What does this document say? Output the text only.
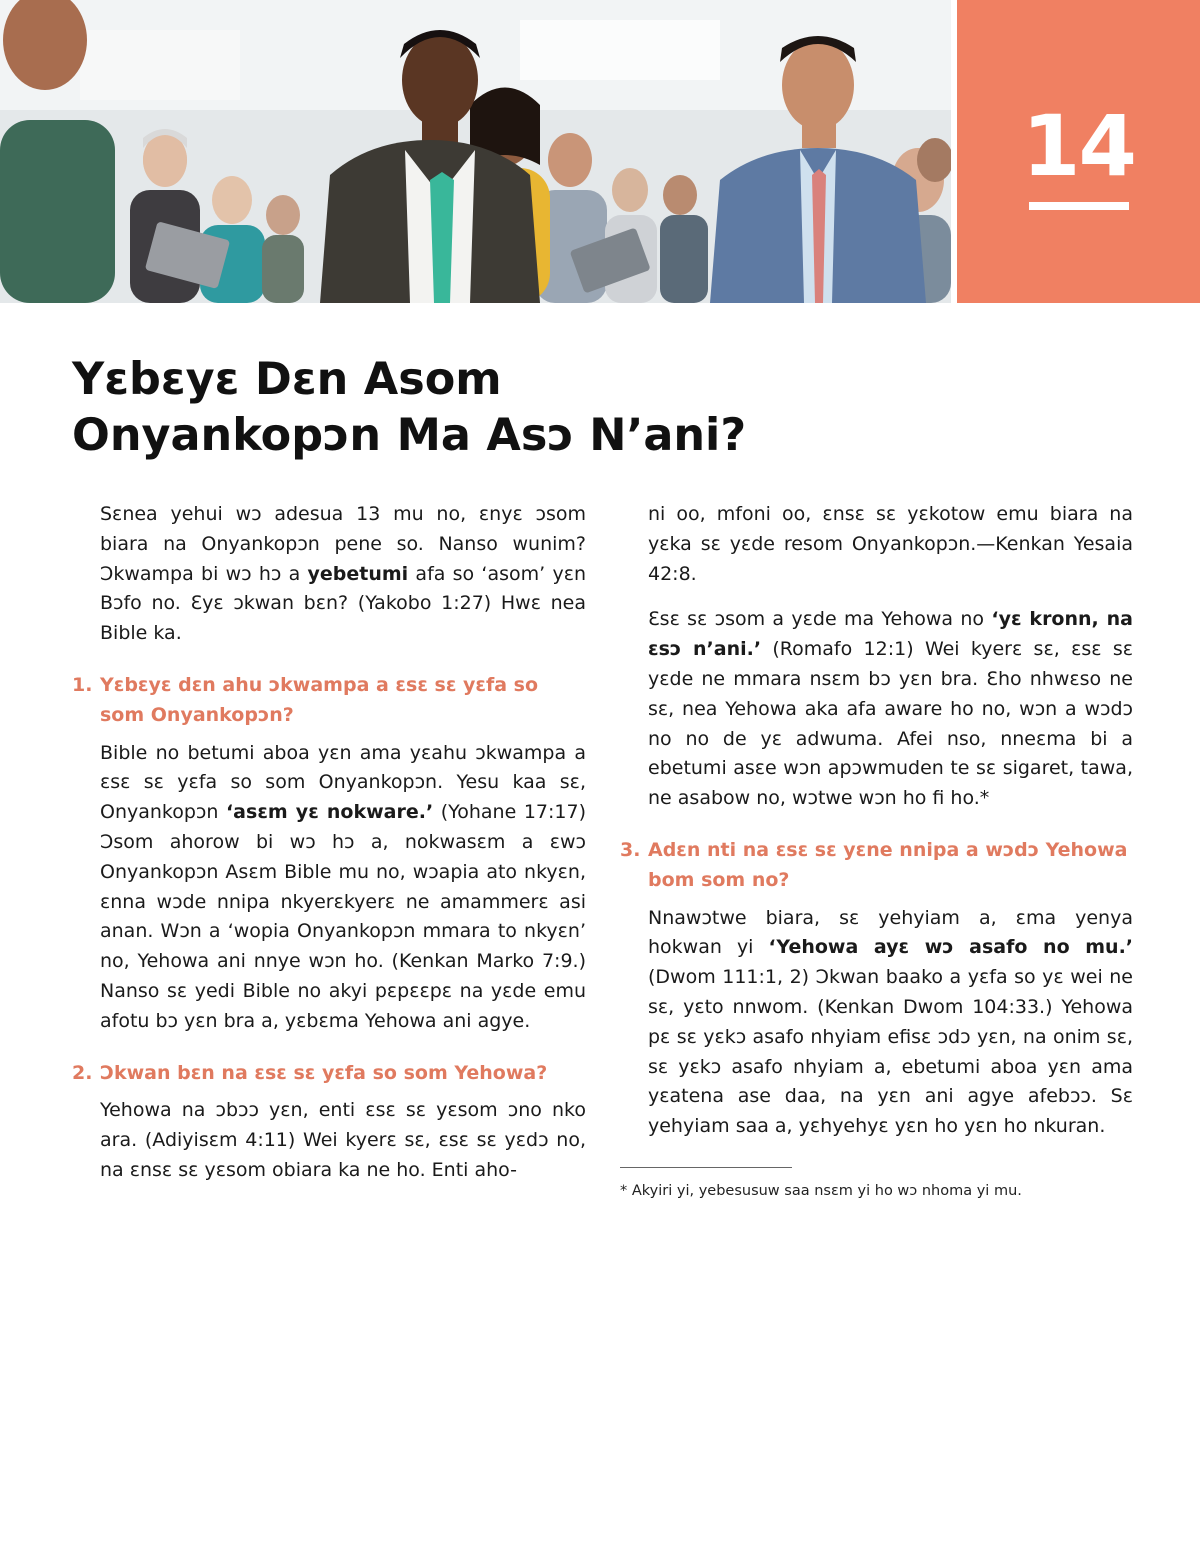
14
Yɛbɛyɛ Dɛn Asom
Onyankopɔn Ma Asɔ N’ani?

Sɛnea yehui wɔ adesua 13 mu no, ɛnyɛ ɔsom biara na Onyankopɔn pene so. Nanso wunim? Ɔkwampa bi wɔ hɔ a yebetumi afa so ‘asom’ yɛn Bɔfo no. Ɛyɛ ɔkwan bɛn? (Yakobo 1:27) Hwɛ nea Bible ka.

1. Yɛbɛyɛ dɛn ahu ɔkwampa a ɛsɛ sɛ yɛfa so som Onyankopɔn?

Bible no betumi aboa yɛn ama yɛahu ɔkwampa a ɛsɛ sɛ yɛfa so som Onyankopɔn. Yesu kaa sɛ, Onyankopɔn ‘asɛm yɛ nokware.’ (Yohane 17:17) Ɔsom ahorow bi wɔ hɔ a, nokwasɛm a ɛwɔ Onyankopɔn Asɛm Bible mu no, wɔapia ato nkyɛn, ɛnna wɔde nnipa nkyerɛkyerɛ ne amammerɛ asi anan. Wɔn a ‘wopia Onyankopɔn mmara to nkyɛn’ no, Yehowa ani nnye wɔn ho. (Kenkan Marko 7:9.) Nanso sɛ yedi Bible no akyi pɛpɛɛpɛ na yɛde emu afotu bɔ yɛn bra a, yɛbɛma Yehowa ani agye.

2. Ɔkwan bɛn na ɛsɛ sɛ yɛfa so som Yehowa?

Yehowa na ɔbɔɔ yɛn, enti ɛsɛ sɛ yɛsom ɔno nko ara. (Adiyisɛm 4:11) Wei kyerɛ sɛ, ɛsɛ sɛ yɛdɔ no, na ɛnsɛ sɛ yɛsom obiara ka ne ho. Enti aho-

ni oo, mfoni oo, ɛnsɛ sɛ yɛkotow emu biara na yɛka sɛ yɛde resom Onyankopɔn.—Kenkan Yesaia 42:8.

Ɛsɛ sɛ ɔsom a yɛde ma Yehowa no ‘yɛ kronn, na ɛsɔ n’ani.’ (Romafo 12:1) Wei kyerɛ sɛ, ɛsɛ sɛ yɛde ne mmara nsɛm bɔ yɛn bra. Ɛho nhwɛso ne sɛ, nea Yehowa aka afa aware ho no, wɔn a wɔdɔ no no de yɛ adwuma. Afei nso, nneɛma bi a ebetumi asɛe wɔn apɔwmuden te sɛ sigaret, tawa, ne asabow no, wɔtwe wɔn ho fi ho.*

3. Adɛn nti na ɛsɛ sɛ yɛne nnipa a wɔdɔ Yehowa bom som no?

Nnawɔtwe biara, sɛ yehyiam a, ɛma yenya hokwan yi ‘Yehowa ayɛ wɔ asafo no mu.’ (Dwom 111:1, 2) Ɔkwan baako a yɛfa so yɛ wei ne sɛ, yɛto nnwom. (Kenkan Dwom 104:33.) Yehowa pɛ sɛ yɛkɔ asafo nhyiam efisɛ ɔdɔ yɛn, na onim sɛ, sɛ yɛkɔ asafo nhyiam a, ebetumi aboa yɛn ama yɛatena ase daa, na yɛn ani agye afebɔɔ. Sɛ yehyiam saa a, yɛhyehyɛ yɛn ho yɛn ho nkuran.

* Akyiri yi, yebesusuw saa nsɛm yi ho wɔ nhoma yi mu.
